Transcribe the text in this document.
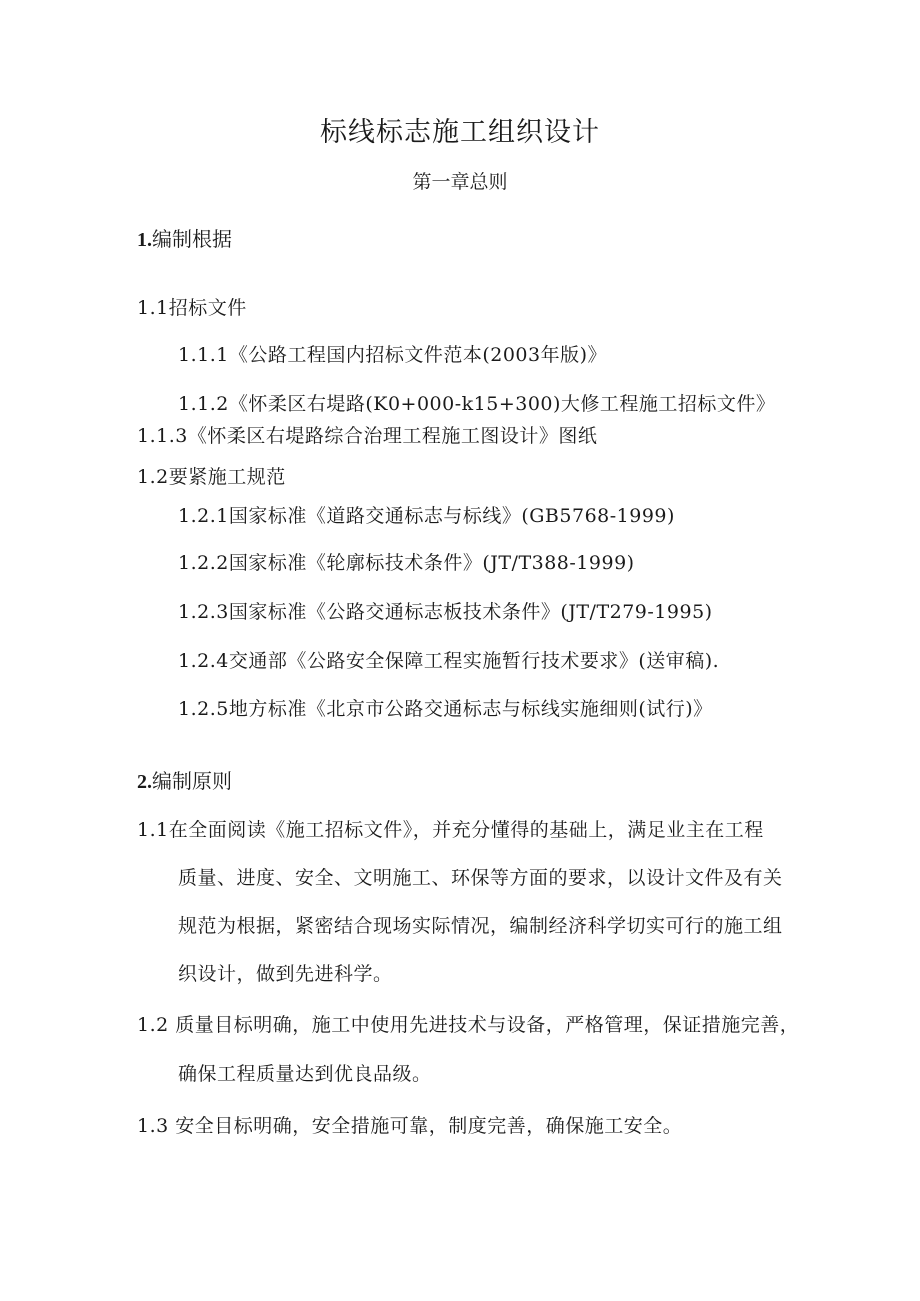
标线标志施工组织设计
第一章总则
1.编制根据
1.1招标文件
1.1.1《公路工程国内招标文件范本(2003年版)》
1.1.2《怀柔区右堤路(K0+000-k15+300)大修工程施工招标文件》
1.1.3《怀柔区右堤路综合治理工程施工图设计》图纸
1.2要紧施工规范
1.2.1国家标准《道路交通标志与标线》(GB5768-1999)
1.2.2国家标准《轮廓标技术条件》(JT/T388-1999)
1.2.3国家标准《公路交通标志板技术条件》(JT/T279-1995)
1.2.4交通部《公路安全保障工程实施暂行技术要求》(送审稿).
1.2.5地方标准《北京市公路交通标志与标线实施细则(试行)》
2.编制原则
1.1在全面阅读《施工招标文件》，并充分懂得的基础上，满足业主在工程
质量、进度、安全、文明施工、环保等方面的要求，以设计文件及有关
规范为根据，紧密结合现场实际情况，编制经济科学切实可行的施工组
织设计，做到先进科学。
1.2 质量目标明确，施工中使用先进技术与设备，严格管理，保证措施完善，
确保工程质量达到优良品级。
1.3 安全目标明确，安全措施可靠，制度完善，确保施工安全。
